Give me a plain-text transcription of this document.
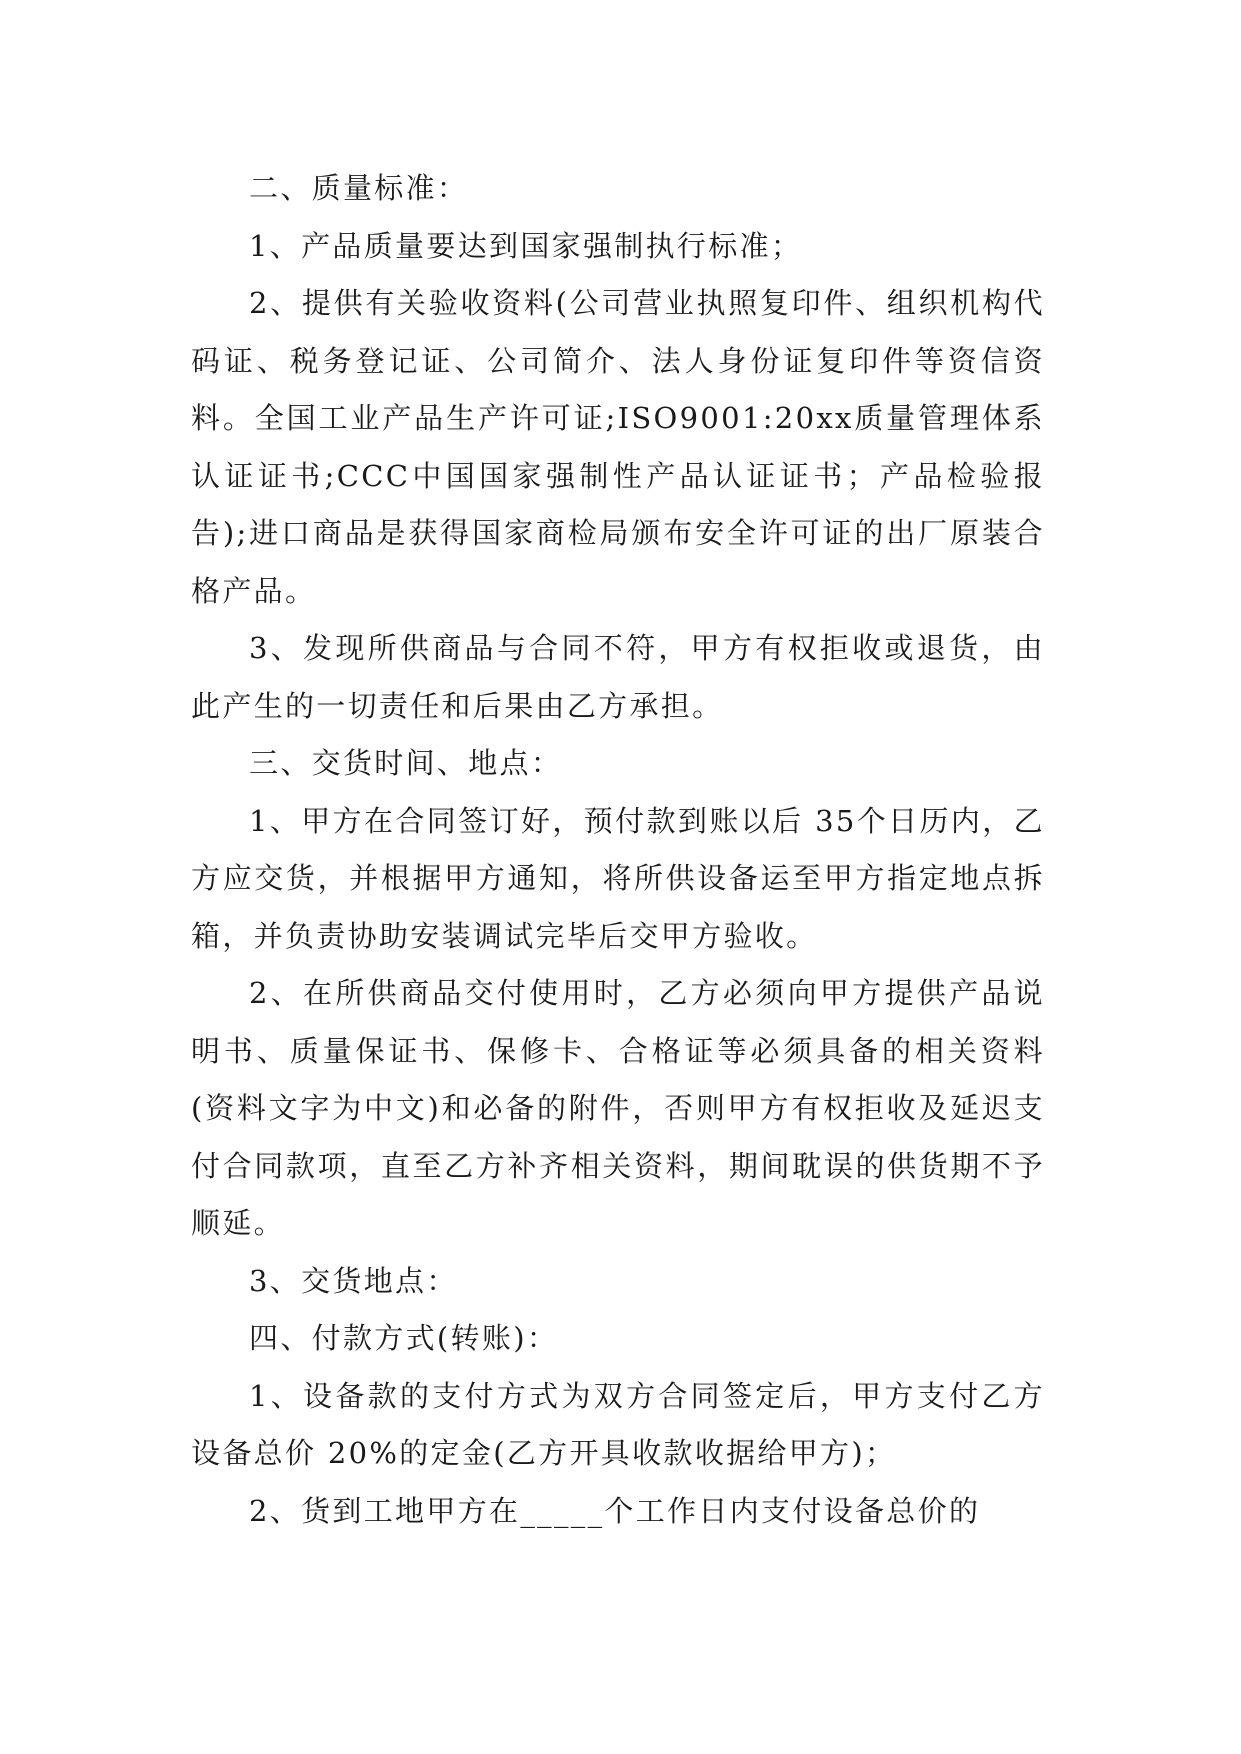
二、质量标准：

1、产品质量要达到国家强制执行标准；

2、提供有关验收资料(公司营业执照复印件、组织机构代码证、税务登记证、公司简介、法人身份证复印件等资信资料。全国工业产品生产许可证;ISO9001:20xx质量管理体系认证证书;CCC中国国家强制性产品认证证书；产品检验报告);进口商品是获得国家商检局颁布安全许可证的出厂原装合格产品。

3、发现所供商品与合同不符，甲方有权拒收或退货，由此产生的一切责任和后果由乙方承担。

三、交货时间、地点：

1、甲方在合同签订好，预付款到账以后 35个日历内，乙方应交货，并根据甲方通知，将所供设备运至甲方指定地点拆箱，并负责协助安装调试完毕后交甲方验收。

2、在所供商品交付使用时，乙方必须向甲方提供产品说明书、质量保证书、保修卡、合格证等必须具备的相关资料(资料文字为中文)和必备的附件，否则甲方有权拒收及延迟支付合同款项，直至乙方补齐相关资料，期间耽误的供货期不予顺延。

3、交货地点：

四、付款方式(转账)：

1、设备款的支付方式为双方合同签定后，甲方支付乙方设备总价 20%的定金(乙方开具收款收据给甲方)；

2、货到工地甲方在_____个工作日内支付设备总价的
